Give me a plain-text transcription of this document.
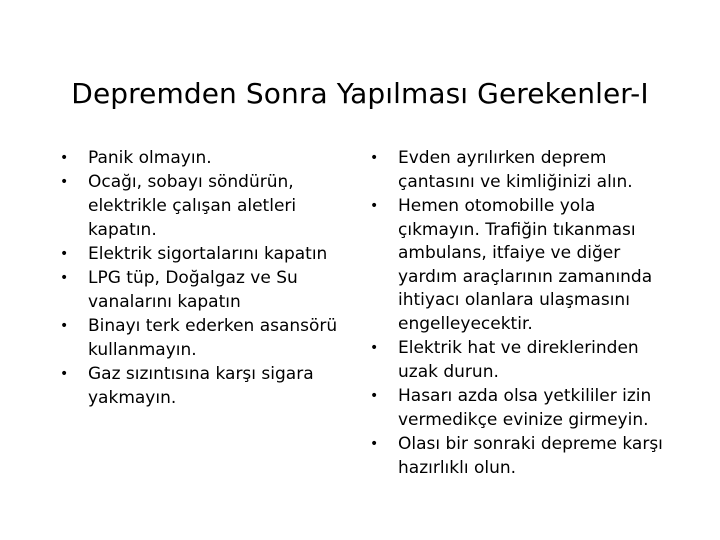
Depremden Sonra Yapılması Gerekenler-I
•	Panik olmayın.
•	Ocağı, sobayı söndürün, elektrikle çalışan aletleri kapatın.
•	Elektrik sigortalarını kapatın
•	LPG tüp, Doğalgaz ve Su vanalarını kapatın
•	Binayı terk ederken asansörü kullanmayın.
•	Gaz sızıntısına karşı sigara yakmayın.
•	Evden ayrılırken deprem çantasını ve kimliğinizi alın.
•	Hemen otomobille yola çıkmayın. Trafiğin tıkanması ambulans, itfaiye ve diğer yardım araçlarının zamanında ihtiyacı olanlara ulaşmasını engelleyecektir.
•	Elektrik hat ve direklerinden uzak durun.
•	Hasarı azda olsa yetkililer izin vermedikçe evinize girmeyin.
•	Olası bir sonraki depreme karşı hazırlıklı olun.
